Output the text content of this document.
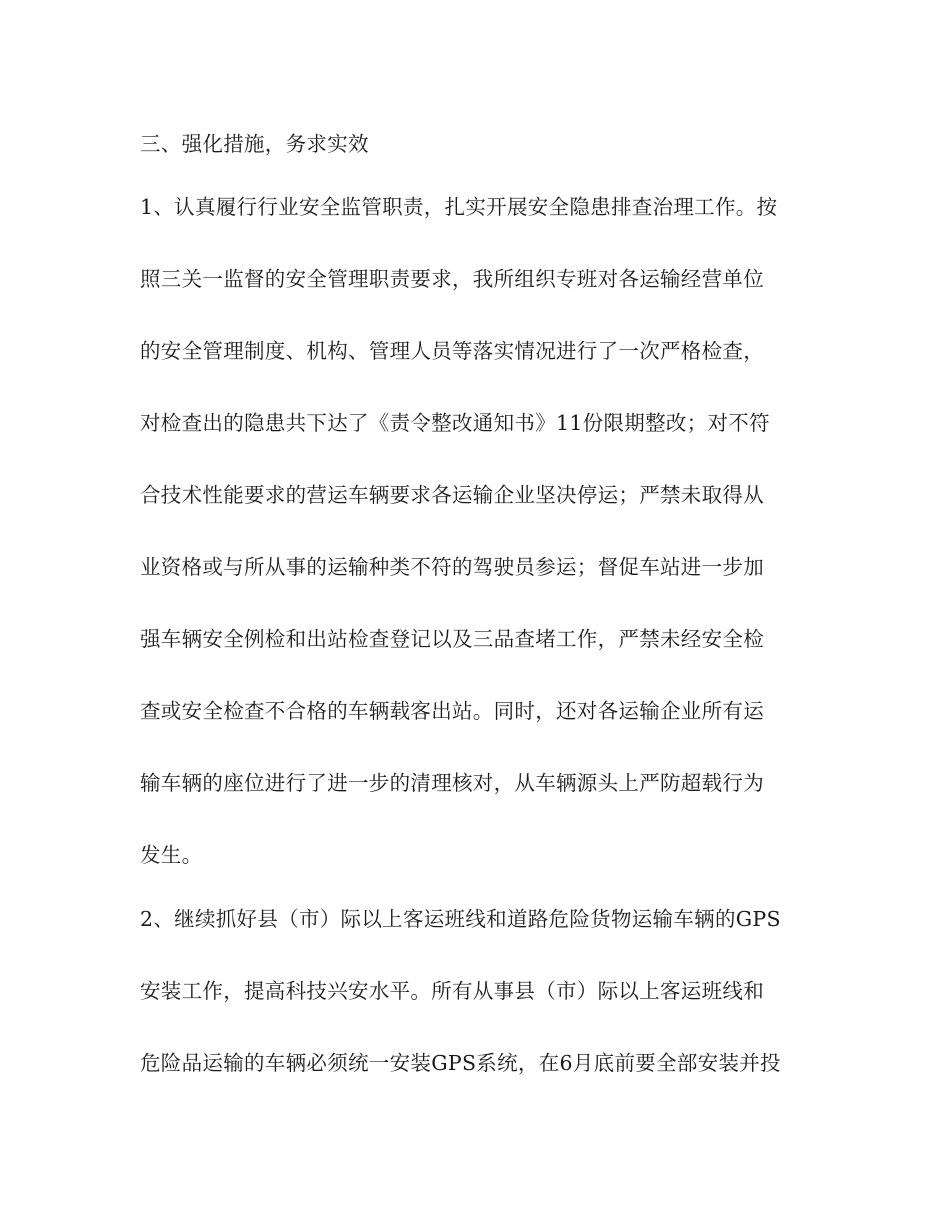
三、强化措施，务求实效
1、认真履行行业安全监管职责，扎实开展安全隐患排查治理工作。按
照三关一监督的安全管理职责要求，我所组织专班对各运输经营单位
的安全管理制度、机构、管理人员等落实情况进行了一次严格检查，
对检查出的隐患共下达了《责令整改通知书》11份限期整改；对不符
合技术性能要求的营运车辆要求各运输企业坚决停运；严禁未取得从
业资格或与所从事的运输种类不符的驾驶员参运；督促车站进一步加
强车辆安全例检和出站检查登记以及三品查堵工作，严禁未经安全检
查或安全检查不合格的车辆载客出站。同时，还对各运输企业所有运
输车辆的座位进行了进一步的清理核对，从车辆源头上严防超载行为
发生。
2、继续抓好县（市）际以上客运班线和道路危险货物运输车辆的GPS
安装工作，提高科技兴安水平。所有从事县（市）际以上客运班线和
危险品运输的车辆必须统一安装GPS系统，在6月底前要全部安装并投
